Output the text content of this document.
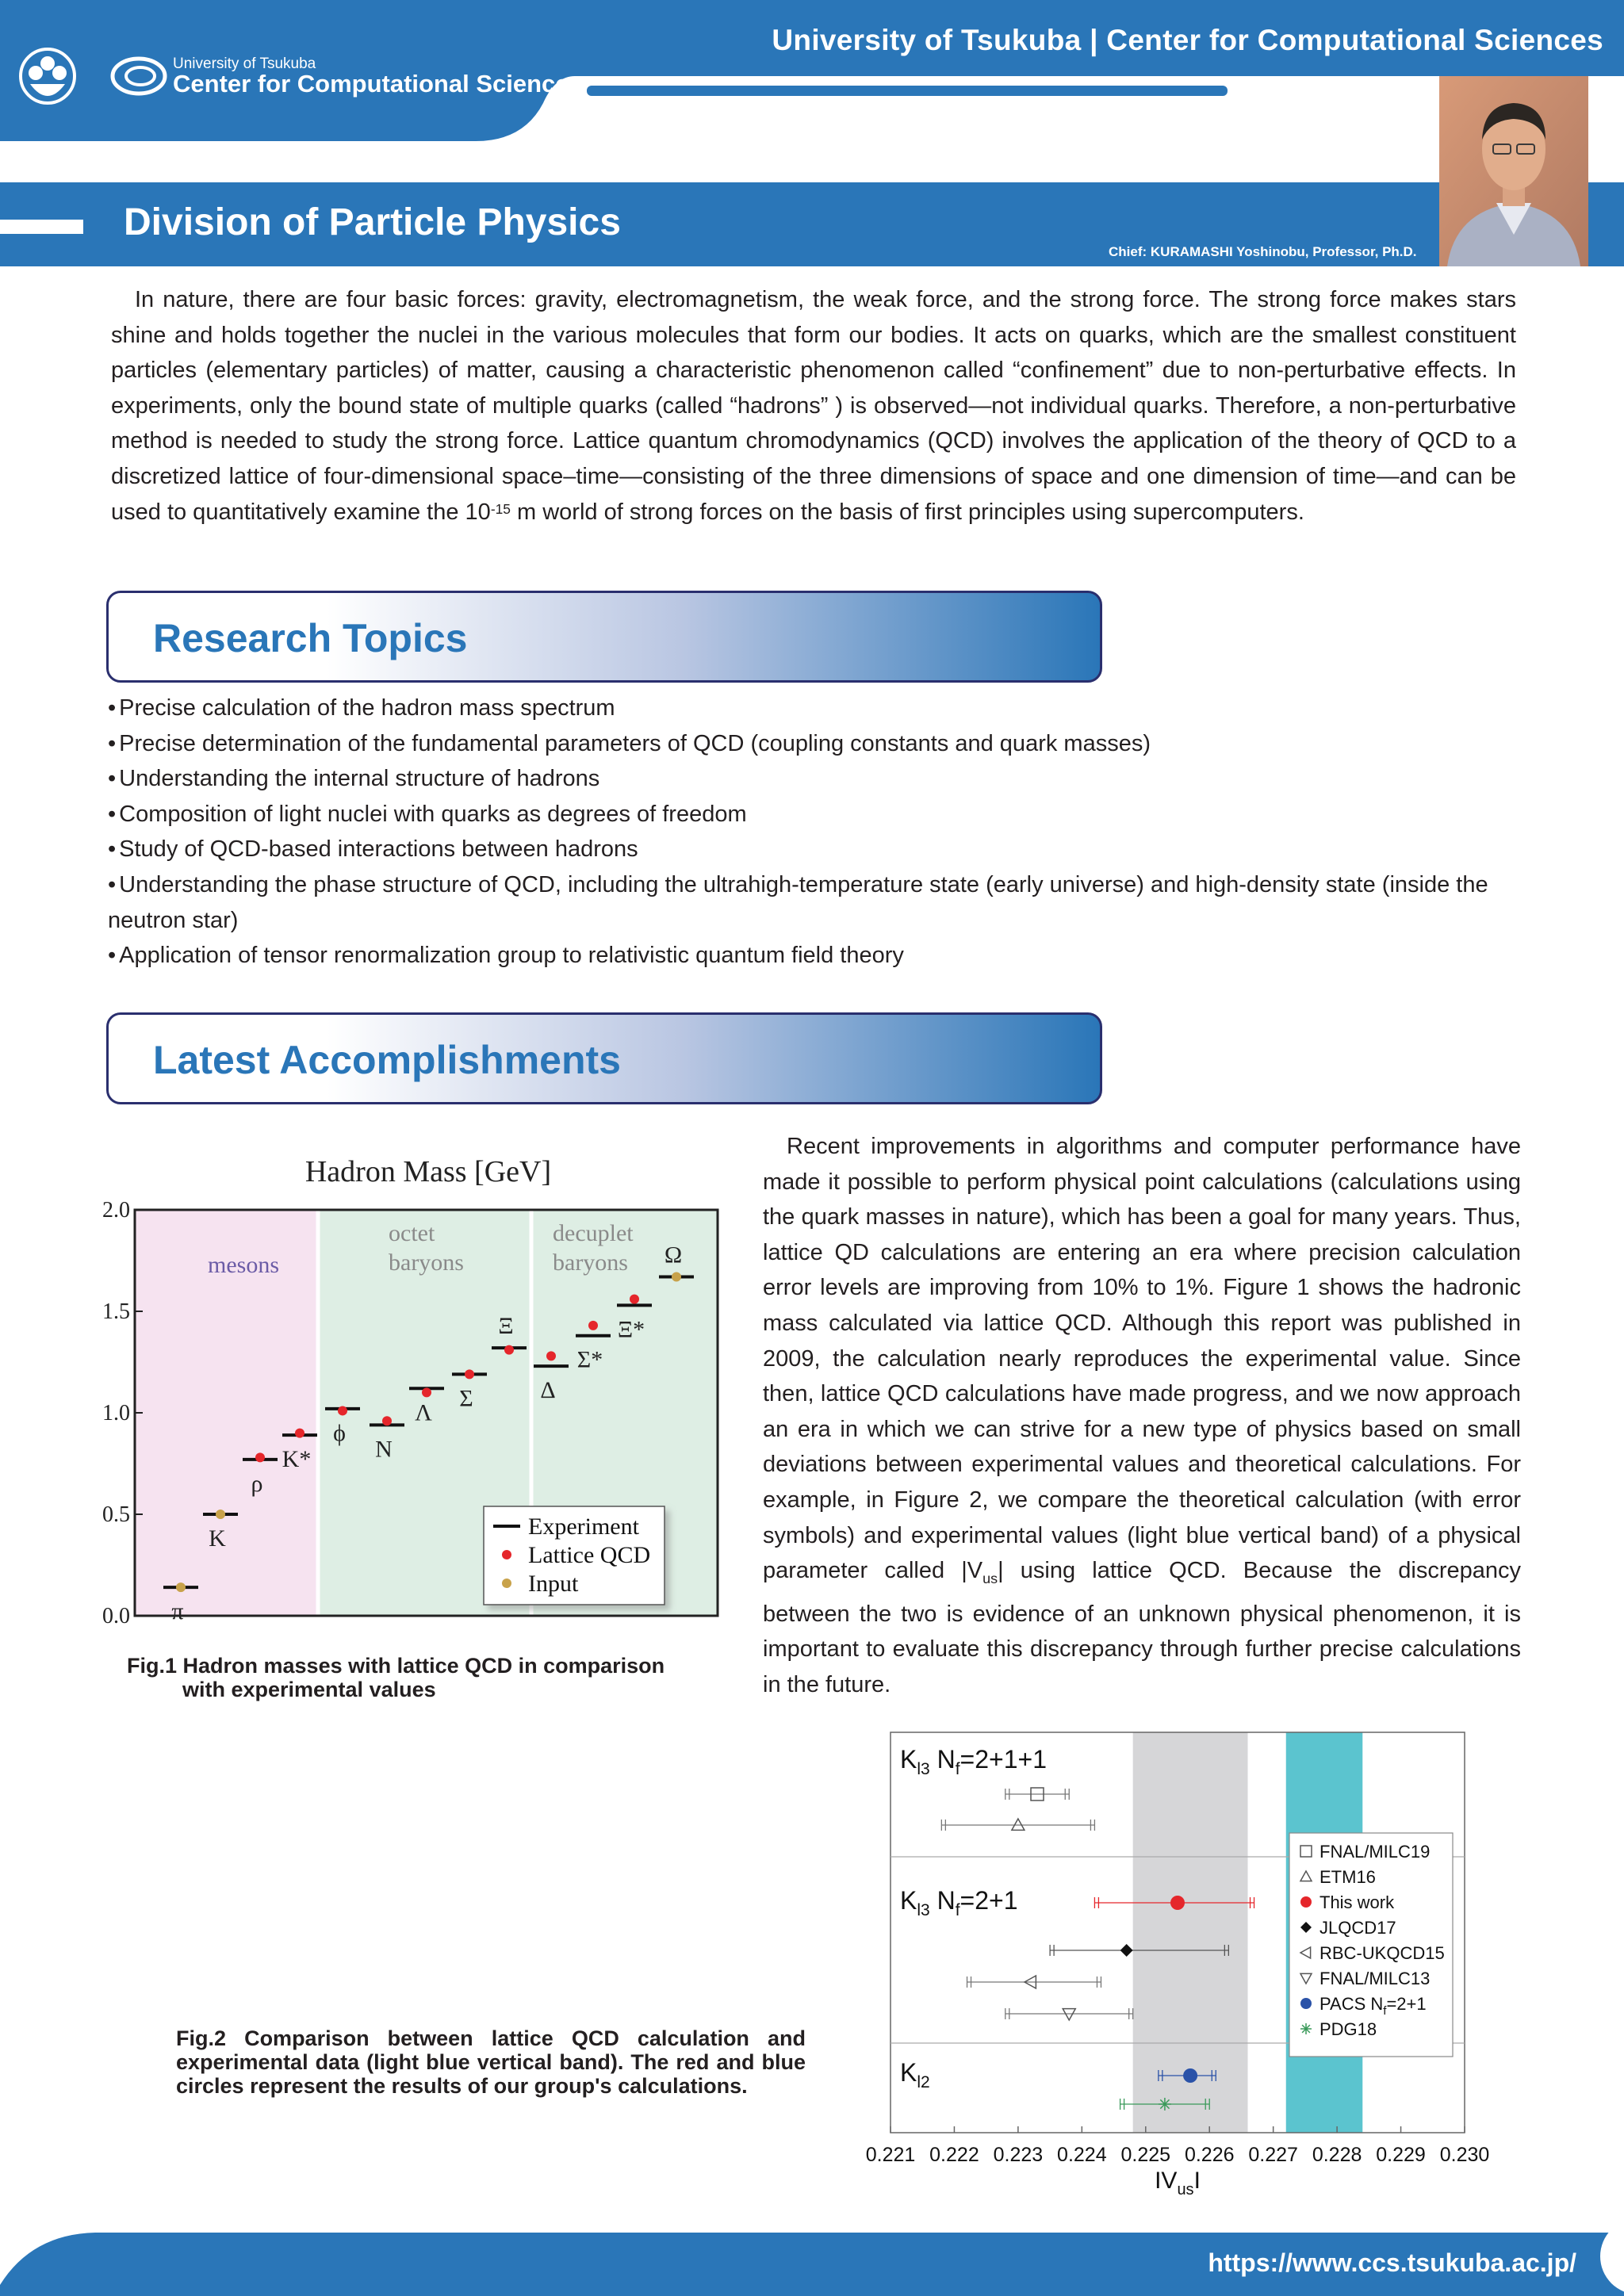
University of Tsukuba | Center for Computational Sciences
University of Tsukuba
Center for Computational Sciences
Division of Particle Physics
Chief: KURAMASHI Yoshinobu, Professor, Ph.D.

In nature, there are four basic forces: gravity, electromagnetism, the weak force, and the strong force. The strong force makes stars shine and holds together the nuclei in the various molecules that form our bodies. It acts on quarks, which are the smallest constituent particles (elementary particles) of matter, causing a characteristic phenomenon called “confinement” due to non-perturbative effects. In experiments, only the bound state of multiple quarks (called “hadrons” ) is observed—not individual quarks. Therefore, a non-perturbative method is needed to study the strong force. Lattice quantum chromodynamics (QCD) involves the application of the theory of QCD to a discretized lattice of four-dimensional space–time—consisting of the three dimensions of space and one dimension of time—and can be used to quantitatively examine the $10^{-15}$ m world of strong forces on the basis of first principles using supercomputers.

Research Topics
• Precise calculation of the hadron mass spectrum
• Precise determination of the fundamental parameters of QCD (coupling constants and quark masses)
• Understanding the internal structure of hadrons
• Composition of light nuclei with quarks as degrees of freedom
• Study of QCD-based interactions between hadrons
• Understanding the phase structure of QCD, including the ultrahigh-temperature state (early universe) and high-density state (inside the neutron star)
• Application of tensor renormalization group to relativistic quantum field theory
Latest Accomplishments
mesons
octet
baryons
decuplet
baryons
Hadron Mass [GeV]
0.0
0.5
1.0
1.5
2.0
π
K
ρ
K*
ϕ
N
Λ
Σ
Ξ
Δ
Σ*
Ξ*
Ω
Experiment
Lattice QCD
Input
Fig.1 Hadron masses with lattice QCD in comparison
with experimental values

Recent improvements in algorithms and computer performance have made it possible to perform physical point calculations (calculations using the quark masses in nature), which has been a goal for many years. Thus, lattice QD calculations are entering an era where precision calculation error levels are improving from 10% to 1%. Figure 1 shows the hadronic mass calculated via lattice QCD. Although this report was published in 2009, the calculation nearly reproduces the experimental value. Since then, lattice QCD calculations have made progress, and we now approach an era in which we can strive for a new type of physics based on small deviations between experimental values and theoretical calculations. For example, in Figure 2, we compare the theoretical calculation (with error symbols) and experimental values (light blue vertical band) of a physical parameter called $|V_{us}|$ using lattice QCD. Because the discrepancy between the two is evidence of an unknown physical phenomenon, it is important to evaluate this discrepancy through further precise calculations in the future.

0.221 0.222 0.223 0.224 0.225 0.226 0.227 0.228 0.229 0.230
$IV_{us}I$
$K_{l3}$ $N_f=2+1+1$
$K_{l3}$ $N_f=2+1$
$K_{l2}$
FNAL/MILC19
ETM16
This work
JLQCD17
RBC-UKQCD15
FNAL/MILC13
PACS $N_f=2+1$
PDG18
Fig.2 Comparison between lattice QCD calculation and experimental data (light blue vertical band). The red and blue circles represent the results of our group's calculations.
https://www.ccs.tsukuba.ac.jp/
